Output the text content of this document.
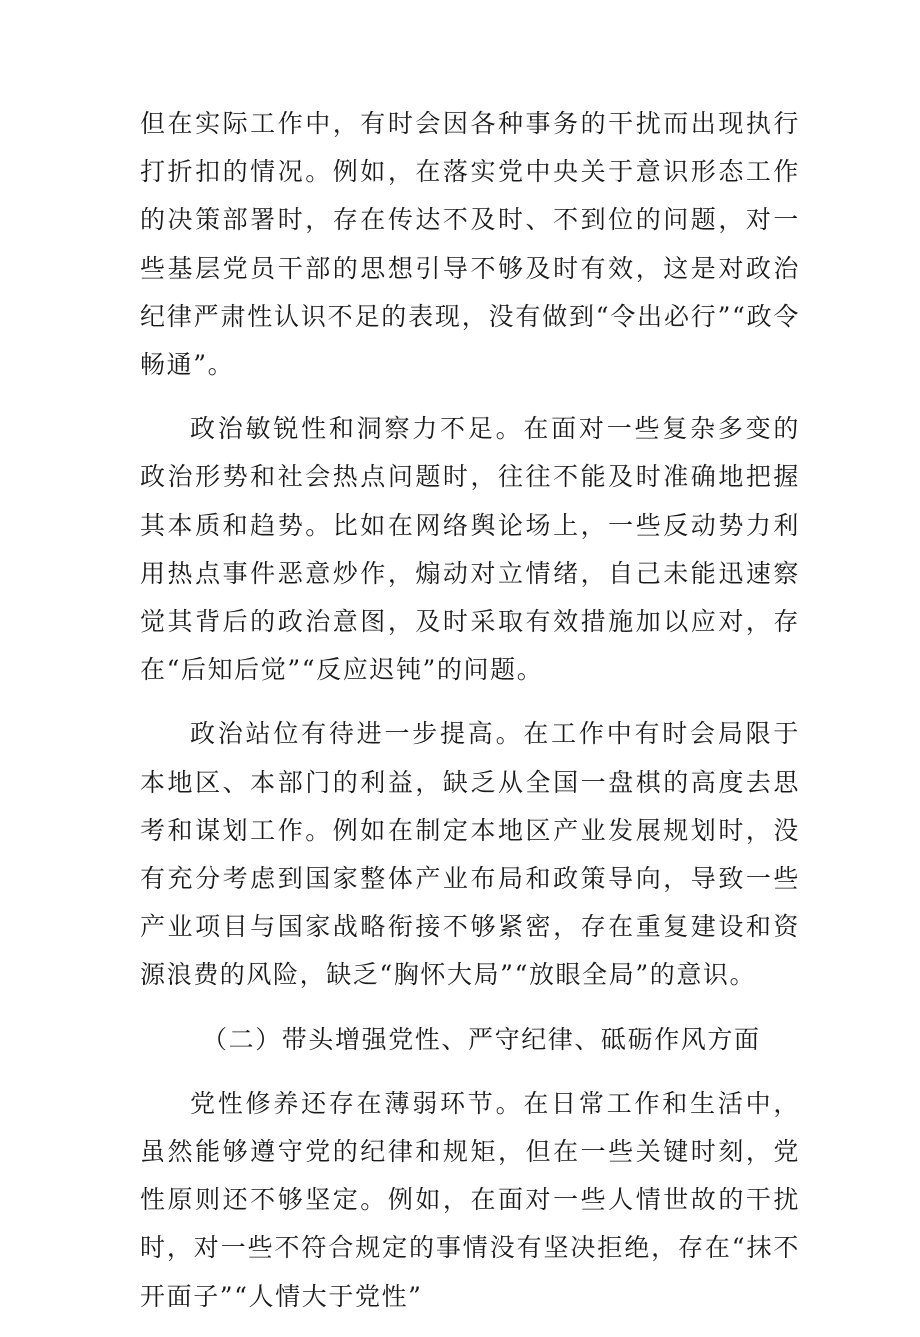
但在实际工作中，有时会因各种事务的干扰而出现执行打折扣的情况。例如，在落实党中央关于意识形态工作的决策部署时，存在传达不及时、不到位的问题，对一些基层党员干部的思想引导不够及时有效，这是对政治纪律严肃性认识不足的表现，没有做到“令出必行”“政令畅通”。

政治敏锐性和洞察力不足。在面对一些复杂多变的政治形势和社会热点问题时，往往不能及时准确地把握其本质和趋势。比如在网络舆论场上，一些反动势力利用热点事件恶意炒作，煽动对立情绪，自己未能迅速察觉其背后的政治意图，及时采取有效措施加以应对，存在“后知后觉”“反应迟钝”的问题。

政治站位有待进一步提高。在工作中有时会局限于本地区、本部门的利益，缺乏从全国一盘棋的高度去思考和谋划工作。例如在制定本地区产业发展规划时，没有充分考虑到国家整体产业布局和政策导向，导致一些产业项目与国家战略衔接不够紧密，存在重复建设和资源浪费的风险，缺乏“胸怀大局”“放眼全局”的意识。

（二）带头增强党性、严守纪律、砥砺作风方面

党性修养还存在薄弱环节。在日常工作和生活中，虽然能够遵守党的纪律和规矩，但在一些关键时刻，党性原则还不够坚定。例如，在面对一些人情世故的干扰时，对一些不符合规定的事情没有坚决拒绝，存在“抹不开面子”“人情大于党性”
